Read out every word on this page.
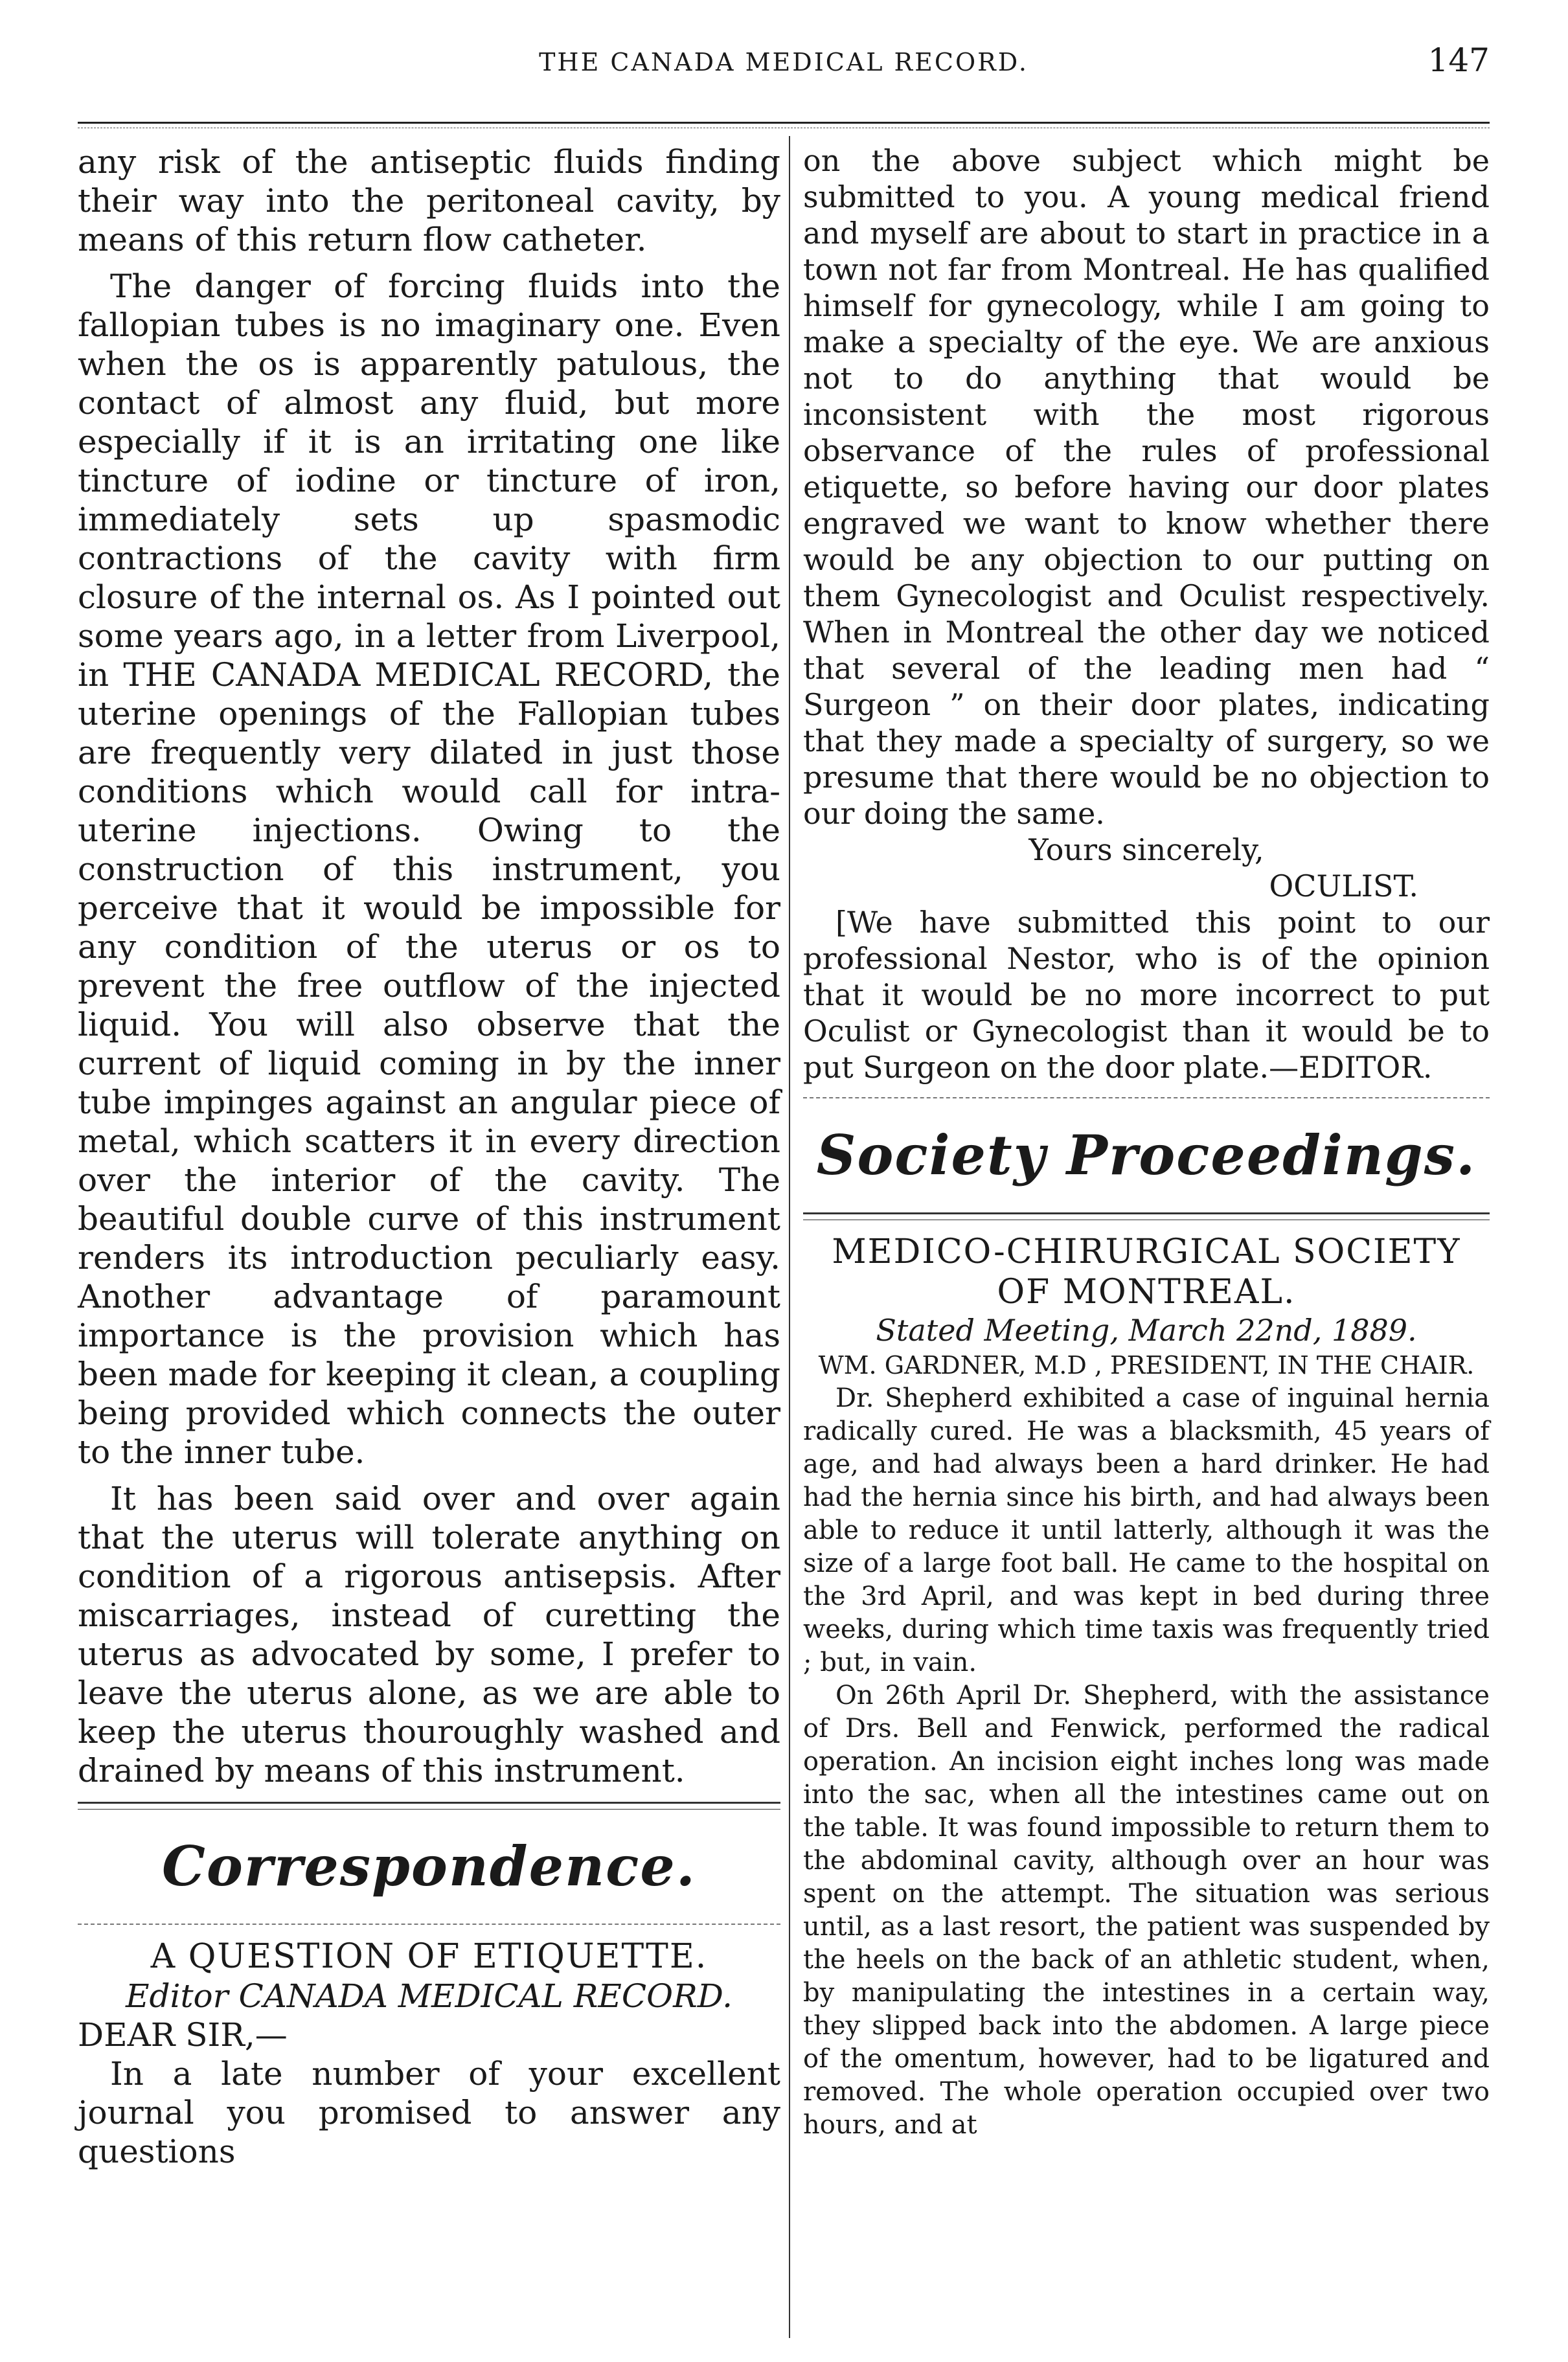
THE CANADA MEDICAL RECORD.	147

any risk of the antiseptic fluids finding their way into the peritoneal cavity, by means of this return flow catheter.

The danger of forcing fluids into the fallopian tubes is no imaginary one. Even when the os is apparently patulous, the contact of almost any fluid, but more especially if it is an irritating one like tincture of iodine or tincture of iron, immediately sets up spasmodic contractions of the cavity with firm closure of the internal os. As I pointed out some years ago, in a letter from Liverpool, in THE CANADA MEDICAL RECORD, the uterine openings of the Fallopian tubes are frequently very dilated in just those conditions which would call for intra-uterine injections. Owing to the construction of this instrument, you perceive that it would be impossible for any condition of the uterus or os to prevent the free outflow of the injected liquid. You will also observe that the current of liquid coming in by the inner tube impinges against an angular piece of metal, which scatters it in every direction over the interior of the cavity. The beautiful double curve of this instrument renders its introduction peculiarly easy. Another advantage of paramount importance is the provision which has been made for keeping it clean, a coupling being provided which connects the outer to the inner tube.

It has been said over and over again that the uterus will tolerate anything on condition of a rigorous antisepsis. After miscarriages, instead of curetting the uterus as advocated by some, I prefer to leave the uterus alone, as we are able to keep the uterus thouroughly washed and drained by means of this instrument.

Correspondence.
A QUESTION OF ETIQUETTE.
Editor CANADA MEDICAL RECORD.
DEAR SIR,—

In a late number of your excellent journal you promised to answer any questions

on the above subject which might be submitted to you. A young medical friend and myself are about to start in practice in a town not far from Montreal. He has qualified himself for gynecology, while I am going to make a specialty of the eye. We are anxious not to do anything that would be inconsistent with the most rigorous observance of the rules of professional etiquette, so before having our door plates engraved we want to know whether there would be any objection to our putting on them Gynecologist and Oculist respectively. When in Montreal the other day we noticed that several of the leading men had “ Surgeon ” on their door plates, indicating that they made a specialty of surgery, so we presume that there would be no objection to our doing the same.

Yours sincerely,
OCULIST.

[We have submitted this point to our professional Nestor, who is of the opinion that it would be no more incorrect to put Oculist or Gynecologist than it would be to put Surgeon on the door plate.—EDITOR.

Society Proceedings.
MEDICO-CHIRURGICAL SOCIETY OF MONTREAL.
Stated Meeting, March 22nd, 1889.
WM. GARDNER, M.D , PRESIDENT, IN THE CHAIR.

Dr. Shepherd exhibited a case of inguinal hernia radically cured. He was a blacksmith, 45 years of age, and had always been a hard drinker. He had had the hernia since his birth, and had always been able to reduce it until latterly, although it was the size of a large foot ball. He came to the hospital on the 3rd April, and was kept in bed during three weeks, during which time taxis was frequently tried ; but, in vain.

On 26th April Dr. Shepherd, with the assistance of Drs. Bell and Fenwick, performed the radical operation. An incision eight inches long was made into the sac, when all the intestines came out on the table. It was found impossible to return them to the abdominal cavity, although over an hour was spent on the attempt. The situation was serious until, as a last resort, the patient was suspended by the heels on the back of an athletic student, when, by manipulating the intestines in a certain way, they slipped back into the abdomen. A large piece of the omentum, however, had to be ligatured and removed. The whole operation occupied over two hours, and at
